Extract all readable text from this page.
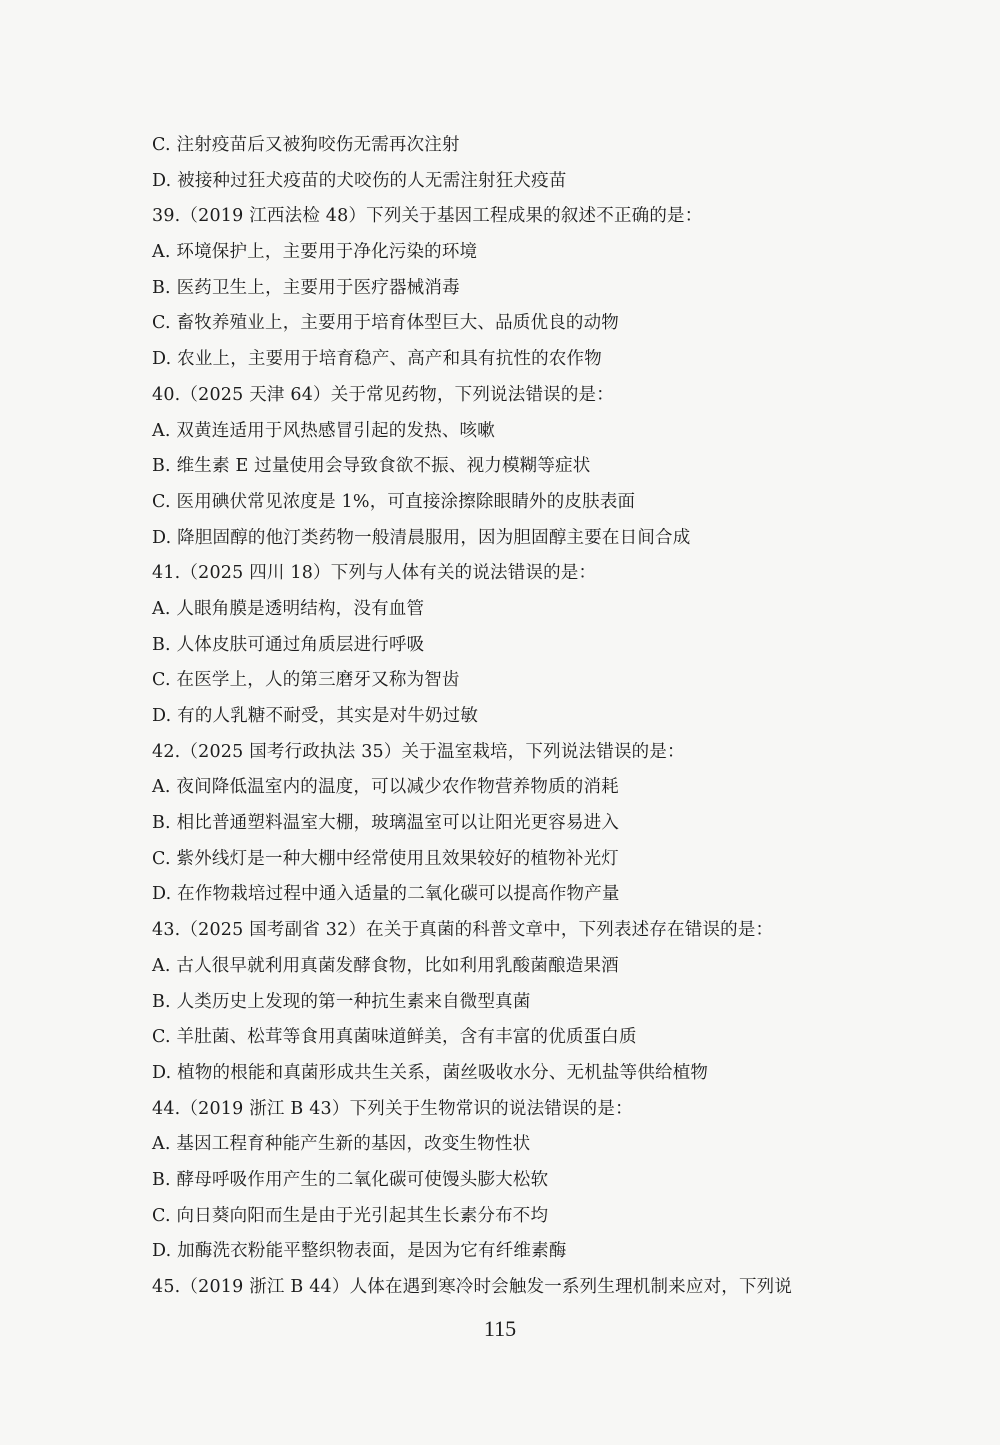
C. 注射疫苗后又被狗咬伤无需再次注射
D. 被接种过狂犬疫苗的犬咬伤的人无需注射狂犬疫苗
39.（2019 江西法检 48）下列关于基因工程成果的叙述不正确的是：
A. 环境保护上，主要用于净化污染的环境
B. 医药卫生上，主要用于医疗器械消毒
C. 畜牧养殖业上，主要用于培育体型巨大、品质优良的动物
D. 农业上，主要用于培育稳产、高产和具有抗性的农作物
40.（2025 天津 64）关于常见药物，下列说法错误的是：
A. 双黄连适用于风热感冒引起的发热、咳嗽
B. 维生素 E 过量使用会导致食欲不振、视力模糊等症状
C. 医用碘伏常见浓度是 1%，可直接涂擦除眼睛外的皮肤表面
D. 降胆固醇的他汀类药物一般清晨服用，因为胆固醇主要在日间合成
41.（2025 四川 18）下列与人体有关的说法错误的是：
A. 人眼角膜是透明结构，没有血管
B. 人体皮肤可通过角质层进行呼吸
C. 在医学上，人的第三磨牙又称为智齿
D. 有的人乳糖不耐受，其实是对牛奶过敏
42.（2025 国考行政执法 35）关于温室栽培，下列说法错误的是：
A. 夜间降低温室内的温度，可以减少农作物营养物质的消耗
B. 相比普通塑料温室大棚，玻璃温室可以让阳光更容易进入
C. 紫外线灯是一种大棚中经常使用且效果较好的植物补光灯
D. 在作物栽培过程中通入适量的二氧化碳可以提高作物产量
43.（2025 国考副省 32）在关于真菌的科普文章中，下列表述存在错误的是：
A. 古人很早就利用真菌发酵食物，比如利用乳酸菌酿造果酒
B. 人类历史上发现的第一种抗生素来自微型真菌
C. 羊肚菌、松茸等食用真菌味道鲜美，含有丰富的优质蛋白质
D. 植物的根能和真菌形成共生关系，菌丝吸收水分、无机盐等供给植物
44.（2019 浙江 B 43）下列关于生物常识的说法错误的是：
A. 基因工程育种能产生新的基因，改变生物性状
B. 酵母呼吸作用产生的二氧化碳可使馒头膨大松软
C. 向日葵向阳而生是由于光引起其生长素分布不均
D. 加酶洗衣粉能平整织物表面，是因为它有纤维素酶
45.（2019 浙江 B 44）人体在遇到寒冷时会触发一系列生理机制来应对，下列说
115
